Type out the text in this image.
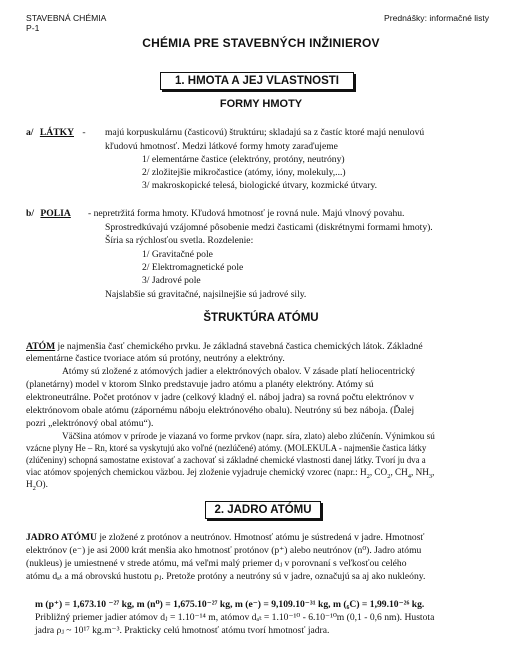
STAVEBNÁ CHÉMIA
P-1
Prednášky: informačné listy
CHÉMIA PRE STAVEBNÝCH INŽINIEROV
1. HMOTA A JEJ VLASTNOSTI
FORMY HMOTY
a/ LÁTKY - majú korpuskulárnu (časticovú) štruktúru; skladajú sa z častíc ktoré majú nenulovú
kľudovú hmotnosť. Medzi látkové formy hmoty zaraďujeme
1/ elementárne častice (elektróny, protóny, neutróny)
2/ zložitejšie mikročastice (atómy, ióny, molekuly,...)
3/ makroskopické telesá, biologické útvary, kozmické útvary.
b/ POLIA - nepretržitá forma hmoty. Kľudová hmotnosť je rovná nule. Majú vlnový povahu.
Sprostredkúvajú vzájomné pôsobenie medzi časticami (diskrétnymi formami hmoty).
Šíria sa rýchlosťou svetla. Rozdelenie:
1/ Gravitačné pole
2/ Elektromagnetické pole
3/ Jadrové pole
Najslabšie sú gravitačné, najsilnejšie sú jadrové sily.
ŠTRUKTÚRA ATÓMU
ATÓM je najmenšia časť chemického prvku. Je základná stavebná častica chemických látok. Základné
elementárne častice tvoriace atóm sú protóny, neutróny a elektróny.
Atómy sú zložené z atómových jadier a elektrónových obalov. V zásade platí heliocentrický
(planetárny) model v ktorom Slnko predstavuje jadro atómu a planéty elektróny. Atómy sú
elektroneutrálne. Počet protónov v jadre (celkový kladný el. náboj jadra) sa rovná počtu elektrónov v
elektrónovom obale atómu (zápornému náboju elektrónového obalu). Neutróny sú bez náboja. (Ďalej
pozri „elektrónový obal atómu“).
Väčšina atómov v prírode je viazaná vo forme prvkov (napr. síra, zlato) alebo zlúčenín. Výnimkou sú
vzácne plyny He – Rn, ktoré sa vyskytujú ako voľné (nezlúčené) atómy. (MOLEKULA - najmenšie častica látky
(zlúčeniny) schopná samostatne existovať a zachovať si základné chemické vlastnosti danej látky. Tvorí ju dva a
viac atómov spojených chemickou väzbou. Jej zloženie vyjadruje chemický vzorec (napr.: $H_2$, $CO_2$, $CH_4$, $NH_3$,
$H_2O$).
2. JADRO ATÓMU
JADRO ATÓMU je zložené z protónov a neutrónov. Hmotnosť atómu je sústredená v jadre. Hmotnosť
elektrónov (e⁻) je asi 2000 krát menšia ako hmotnosť protónov (p⁺) alebo neutrónov (n⁰). Jadro atómu
(nukleus) je umiestnené v strede atómu, má veľmi malý priemer dⱼ v porovnaní s veľkosťou celého
atómu dₐₜ a má obrovskú hustotu ρⱼ. Pretože protóny a neutróny sú v jadre, označujú sa aj ako nukleóny.
m (p⁺) = 1,673.10 ⁻²⁷ kg, m (n⁰) = 1,675.10⁻²⁷ kg, m (e⁻) = 9,109.10⁻³¹ kg, m (₆C) = 1,99.10⁻²⁶ kg.
Približný priemer jadier atómov dⱼ = 1.10⁻¹⁴ m, atómov dₐₜ = 1.10⁻¹⁰ - 6.10⁻¹⁰m (0,1 - 0,6 nm). Hustota
jadra ρⱼ ~ 10¹⁷ kg.m⁻³. Prakticky celú hmotnosť atómu tvorí hmotnosť jadra.
